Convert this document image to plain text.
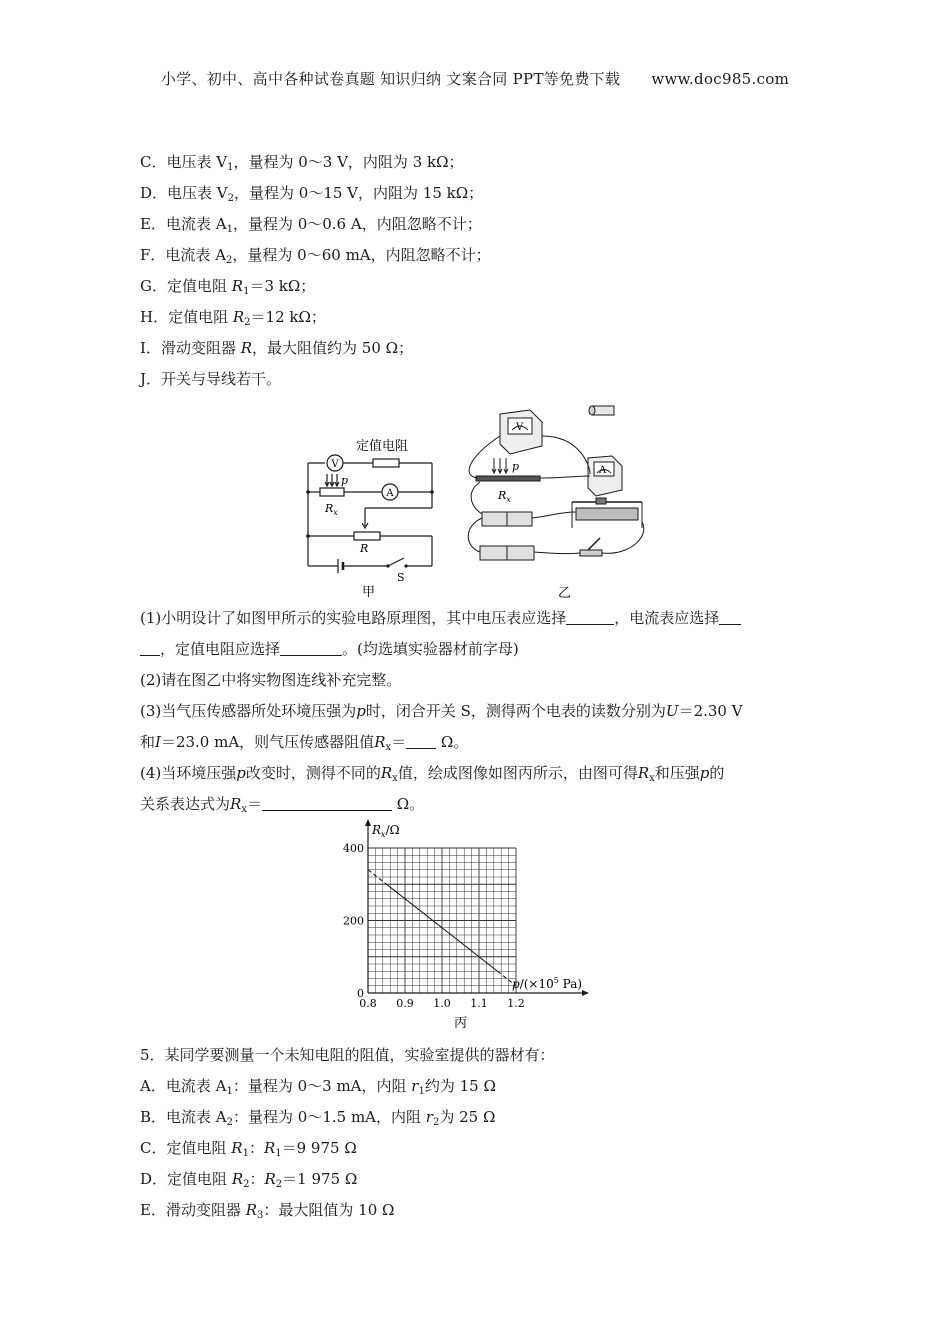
小学、初中、高中各种试卷真题 知识归纳 文案合同 PPT等免费下载 www.doc985.com
C．电压表 $V_1$，量程为 0～3 V，内阻为 3 kΩ；
D．电压表 $V_2$，量程为 0～15 V，内阻为 15 kΩ；
E．电流表 $A_1$，量程为 0～0.6 A，内阻忽略不计；
F．电流表 $A_2$，量程为 0～60 mA，内阻忽略不计；
G．定值电阻 $R_1=3$ kΩ；
H．定值电阻 $R_2=12$ kΩ；
I．滑动变阻器 R，最大阻值约为 50 Ω；
J．开关与导线若干。
定值电阻
V
A
p
$R_x$
R
S
甲
V
A
p
$R_x$
乙
(1)小明设计了如图甲所示的实验电路原理图，其中电压表应选择	，电流表应选择
，定值电阻应选择	。(均选填实验器材前字母)
(2)请在图乙中将实物图连线补充完整。
(3)当气压传感器所处环境压强为p时，闭合开关 S，测得两个电表的读数分别为U＝2.30 V
和I＝23.0 mA，则气压传感器阻值$R_x= \Omega$。
(4)当环境压强p改变时，测得不同的$R_x$值，绘成图像如图丙所示，由图可得$R_x$和压强p的
关系表达式为$R_x=$	Ω。
0.8 0.9 1.0 1.1 1.2
0
200
400
$R_x/\Omega$
$p/(\times 10^5$ Pa)
丙
5．某同学要测量一个未知电阻的阻值，实验室提供的器材有：
A．电流表 $A_1$：量程为 0～3 mA，内阻 $r_1$约为 15 Ω
B．电流表 $A_2$：量程为 0～1.5 mA，内阻 $r_2$为 25 Ω
C．定值电阻 $R_1$：$R_1=9$ 975 Ω
D．定值电阻 $R_2$：$R_2=1$ 975 Ω
E．滑动变阻器 $R_3$：最大阻值为 10 Ω
